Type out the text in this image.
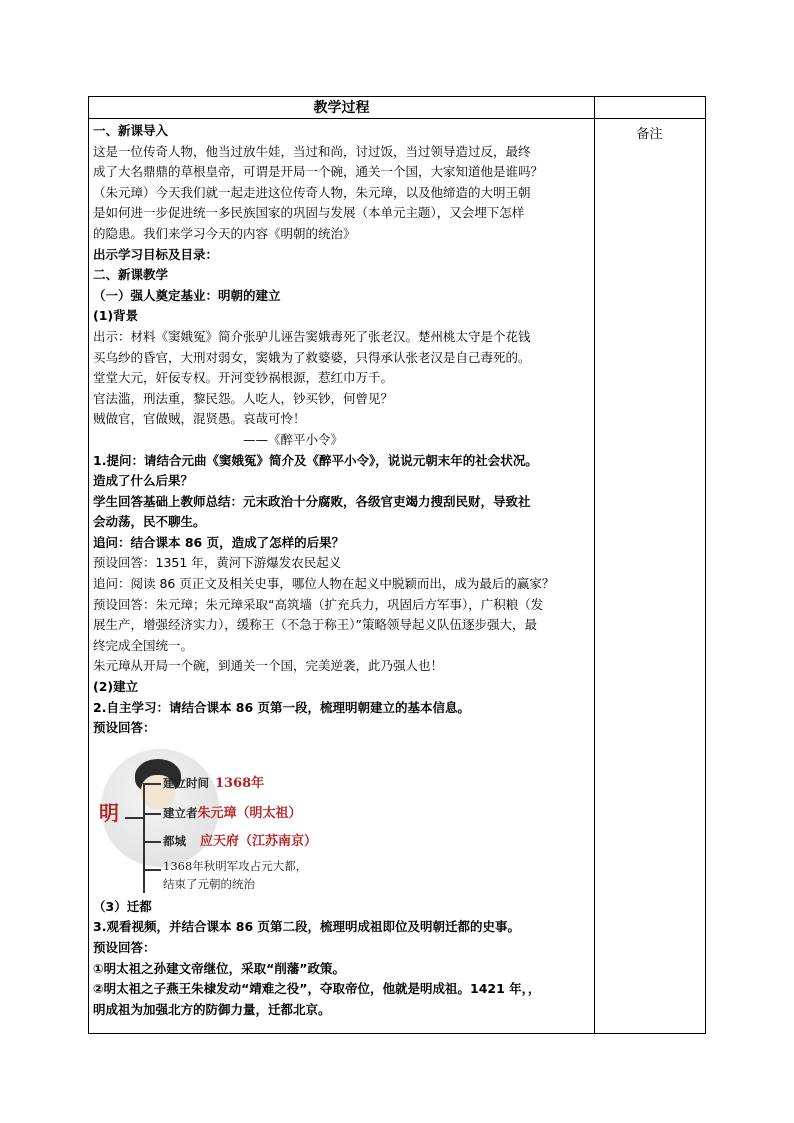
教学过程
备注

一、新课导入

这是一位传奇人物，他当过放牛娃，当过和尚，讨过饭，当过领导造过反，最终

成了大名鼎鼎的草根皇帝，可谓是开局一个碗，通关一个国，大家知道他是谁吗？

（朱元璋）今天我们就一起走进这位传奇人物，朱元璋，以及他缔造的大明王朝

是如何进一步促进统一多民族国家的巩固与发展（本单元主题），又会埋下怎样

的隐患。我们来学习今天的内容《明朝的统治》

出示学习目标及目录：

二、新课教学

（一）强人奠定基业：明朝的建立

(1)背景

出示：材料《窦娥冤》简介张驴儿诬告窦娥毒死了张老汉。楚州桃太守是个花钱

买乌纱的昏官，大刑对弱女，窦娥为了救婆婆，只得承认张老汉是自己毒死的。

堂堂大元，奸佞专权。开河变钞祸根源，惹红巾万千。

官法滥，刑法重，黎民怨。人吃人，钞买钞，何曾见？

贼做官，官做贼，混贤愚。哀哉可怜！

——《醉平小令》

1.提问：请结合元曲《窦娥冤》简介及《醉平小令》，说说元朝末年的社会状况。

造成了什么后果？

学生回答基础上教师总结：元末政治十分腐败，各级官吏竭力搜刮民财，导致社

会动荡，民不聊生。

追问：结合课本 86 页，造成了怎样的后果？

预设回答：1351 年，黄河下游爆发农民起义

追问：阅读 86 页正文及相关史事，哪位人物在起义中脱颖而出，成为最后的赢家？

预设回答：朱元璋；朱元璋采取“高筑墙（扩充兵力，巩固后方军事），广积粮（发

展生产，增强经济实力），缓称王（不急于称王）”策略领导起义队伍逐步强大，最

终完成全国统一。

朱元璋从开局一个碗，到通关一个国，完美逆袭，此乃强人也！

(2)建立

2.自主学习：请结合课本 86 页第一段，梳理明朝建立的基本信息。

预设回答：

明
建立时间 1368年
建立者朱元璋（明太祖）
都城 应天府（江苏南京）
1368年秋明军攻占元大都，
结束了元朝的统治

（3）迁都

3.观看视频，并结合课本 86 页第二段，梳理明成祖即位及明朝迁都的史事。

预设回答：

①明太祖之孙建文帝继位，采取“削藩”政策。

②明太祖之子燕王朱棣发动“靖难之役”，夺取帝位，他就是明成祖。1421 年，，

明成祖为加强北方的防御力量，迁都北京。
